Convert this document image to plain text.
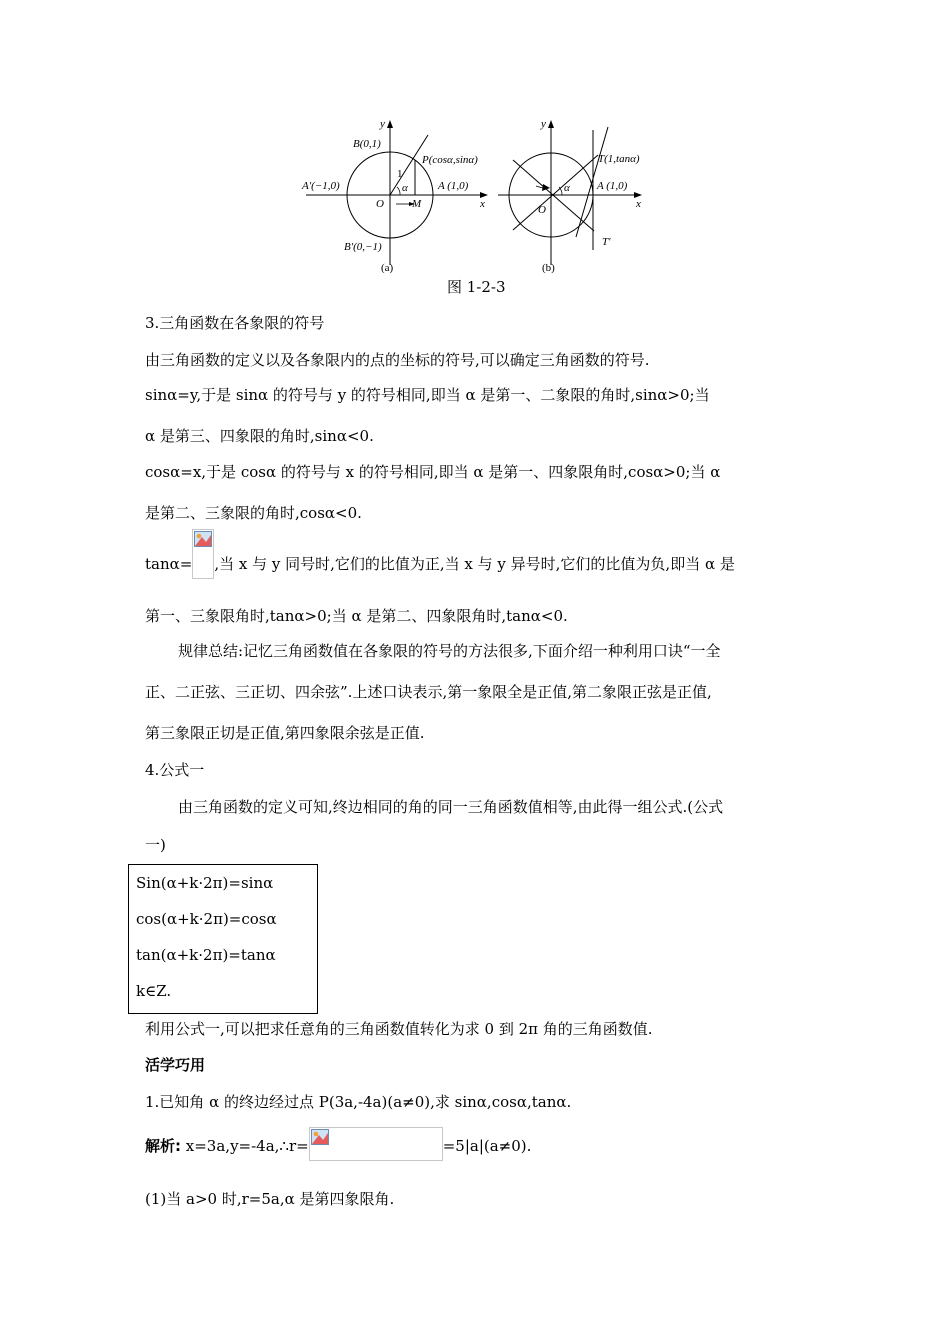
y
x
B(0,1)
P(cosα,sinα)
A′(−1,0)	A (1,0)
O	M
1
α
B′(0,−1)
(a)
y
x
T(1,tanα)
A (1,0)
O
α
T′
(b)
图 1-2-3
3.三角函数在各象限的符号
由三角函数的定义以及各象限内的点的坐标的符号,可以确定三角函数的符号.
sinα=y,于是 sinα 的符号与 y 的符号相同,即当 α 是第一、二象限的角时,sinα>0;当
α 是第三、四象限的角时,sinα<0.
cosα=x,于是 cosα 的符号与 x 的符号相同,即当 α 是第一、四象限角时,cosα>0;当 α
是第二、三象限的角时,cosα<0.
tanα= ,当 x 与 y 同号时,它们的比值为正,当 x 与 y 异号时,它们的比值为负,即当 α 是
第一、三象限角时,tanα>0;当 α 是第二、四象限角时,tanα<0.
规律总结:记忆三角函数值在各象限的符号的方法很多,下面介绍一种利用口诀“一全
正、二正弦、三正切、四余弦”.上述口诀表示,第一象限全是正值,第二象限正弦是正值,
第三象限正切是正值,第四象限余弦是正值.
4.公式一
由三角函数的定义可知,终边相同的角的同一三角函数值相等,由此得一组公式.(公式
一)
Sin(α+k·2π)=sinα
cos(α+k·2π)=cosα
tan(α+k·2π)=tanα
k∈Z.
利用公式一,可以把求任意角的三角函数值转化为求 0 到 2π 角的三角函数值.
活学巧用
1.已知角 α 的终边经过点 P(3a,-4a)(a≠0),求 sinα,cosα,tanα.
解析: x=3a,y=-4a,∴r=	=5|a|(a≠0).
(1)当 a>0 时,r=5a,α 是第四象限角.
